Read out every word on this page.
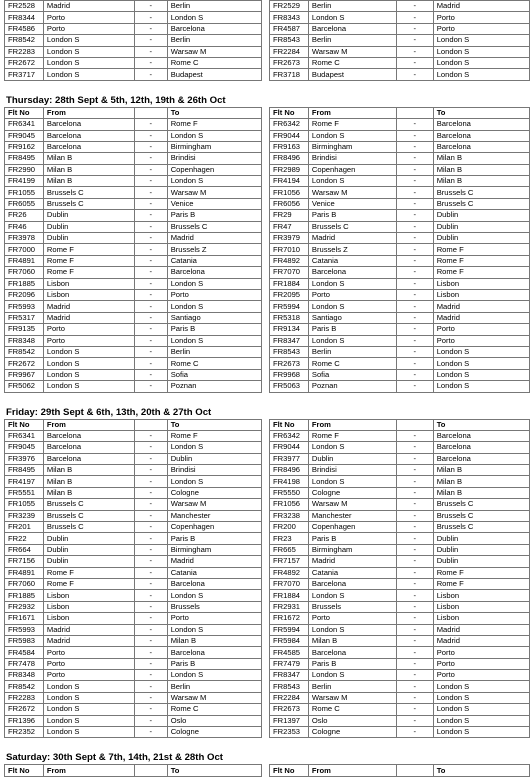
FR2528	Madrid	-	Berlin		FR2529	Berlin	-	Madrid
FR8344	Porto	-	London S		FR8343	London S	-	Porto
FR4586	Porto	-	Barcelona		FR4587	Barcelona	-	Porto
FR8542	London S	-	Berlin		FR8543	Berlin	-	London S
FR2283	London S	-	Warsaw M		FR2284	Warsaw M	-	London S
FR2672	London S	-	Rome C		FR2673	Rome C	-	London S
FR3717	London S	-	Budapest		FR3718	Budapest	-	London S
Thursday: 28th Sept & 5th, 12th, 19th & 26th Oct
Flt No	From		To		Flt No	From		To
FR6341	Barcelona	-	Rome F		FR6342	Rome F	-	Barcelona
FR9045	Barcelona	-	London S		FR9044	London S	-	Barcelona
FR9162	Barcelona	-	Birmingham		FR9163	Birmingham	-	Barcelona
FR8495	Milan B	-	Brindisi		FR8496	Brindisi	-	Milan B
FR2990	Milan B	-	Copenhagen		FR2989	Copenhagen	-	Milan B
FR4199	Milan B	-	London S		FR4194	London S	-	Milan B
FR1055	Brussels C	-	Warsaw M		FR1056	Warsaw M	-	Brussels C
FR6055	Brussels C	-	Venice		FR6056	Venice	-	Brussels C
FR26	Dublin	-	Paris B		FR29	Paris B	-	Dublin
FR46	Dublin	-	Brussels C		FR47	Brussels C	-	Dublin
FR3978	Dublin	-	Madrid		FR3979	Madrid	-	Dublin
FR7000	Rome F	-	Brussels Z		FR7010	Brussels Z	-	Rome F
FR4891	Rome F	-	Catania		FR4892	Catania	-	Rome F
FR7060	Rome F	-	Barcelona		FR7070	Barcelona	-	Rome F
FR1885	Lisbon	-	London S		FR1884	London S	-	Lisbon
FR2096	Lisbon	-	Porto		FR2095	Porto	-	Lisbon
FR5993	Madrid	-	London S		FR5994	London S	-	Madrid
FR5317	Madrid	-	Santiago		FR5318	Santiago	-	Madrid
FR9135	Porto	-	Paris B		FR9134	Paris B	-	Porto
FR8348	Porto	-	London S		FR8347	London S	-	Porto
FR8542	London S	-	Berlin		FR8543	Berlin	-	London S
FR2672	London S	-	Rome C		FR2673	Rome C	-	London S
FR9967	London S	-	Sofia		FR9968	Sofia	-	London S
FR5062	London S	-	Poznan		FR5063	Poznan	-	London S
Friday: 29th Sept & 6th, 13th, 20th & 27th Oct
Flt No	From		To		Flt No	From		To
FR6341	Barcelona	-	Rome F		FR6342	Rome F	-	Barcelona
FR9045	Barcelona	-	London S		FR9044	London S	-	Barcelona
FR3976	Barcelona	-	Dublin		FR3977	Dublin	-	Barcelona
FR8495	Milan B	-	Brindisi		FR8496	Brindisi	-	Milan B
FR4197	Milan B	-	London S		FR4198	London S	-	Milan B
FR5551	Milan B	-	Cologne		FR5550	Cologne	-	Milan B
FR1055	Brussels C	-	Warsaw M		FR1056	Warsaw M	-	Brussels C
FR3239	Brussels C	-	Manchester		FR3238	Manchester	-	Brussels C
FR201	Brussels C	-	Copenhagen		FR200	Copenhagen	-	Brussels C
FR22	Dublin	-	Paris B		FR23	Paris B	-	Dublin
FR664	Dublin	-	Birmingham		FR665	Birmingham	-	Dublin
FR7156	Dublin	-	Madrid		FR7157	Madrid	-	Dublin
FR4891	Rome F	-	Catania		FR4892	Catania	-	Rome F
FR7060	Rome F	-	Barcelona		FR7070	Barcelona	-	Rome F
FR1885	Lisbon	-	London S		FR1884	London S	-	Lisbon
FR2932	Lisbon	-	Brussels		FR2931	Brussels	-	Lisbon
FR1671	Lisbon	-	Porto		FR1672	Porto	-	Lisbon
FR5993	Madrid	-	London S		FR5994	London S	-	Madrid
FR5983	Madrid	-	Milan B		FR5984	Milan B	-	Madrid
FR4584	Porto	-	Barcelona		FR4585	Barcelona	-	Porto
FR7478	Porto	-	Paris B		FR7479	Paris B	-	Porto
FR8348	Porto	-	London S		FR8347	London S	-	Porto
FR8542	London S	-	Berlin		FR8543	Berlin	-	London S
FR2283	London S	-	Warsaw M		FR2284	Warsaw M	-	London S
FR2672	London S	-	Rome C		FR2673	Rome C	-	London S
FR1396	London S	-	Oslo		FR1397	Oslo	-	London S
FR2352	London S	-	Cologne		FR2353	Cologne	-	London S
Saturday: 30th Sept & 7th, 14th, 21st & 28th Oct
Flt No	From		To		Flt No	From		To
